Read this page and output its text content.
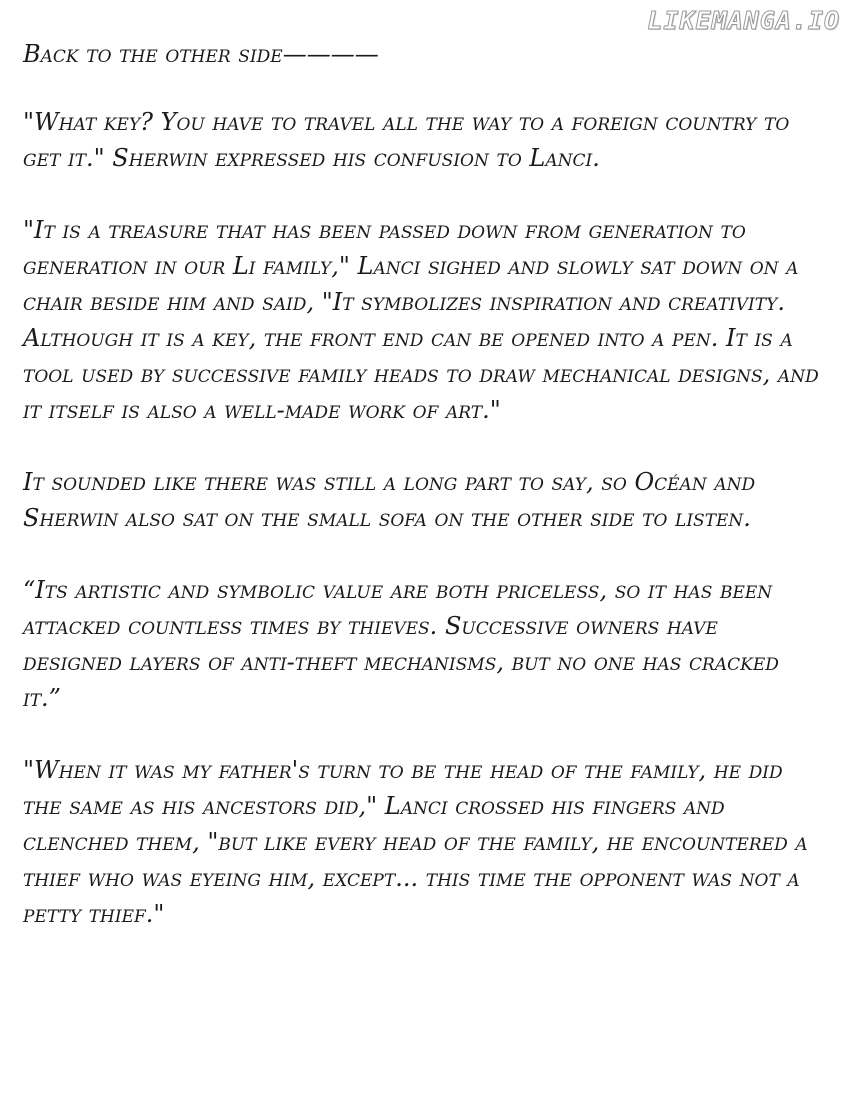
LIKEMANGA.IO

Back to the other side————

"What key? You have to travel all the way to a foreign country to get it." Sherwin expressed his confusion to Lanci.

"It is a treasure that has been passed down from generation to generation in our Li family," Lanci sighed and slowly sat down on a chair beside him and said, "It symbolizes inspiration and creativity. Although it is a key, the front end can be opened into a pen. It is a tool used by successive family heads to draw mechanical designs, and it itself is also a well-made work of art."

It sounded like there was still a long part to say, so Océan and Sherwin also sat on the small sofa on the other side to listen.

“Its artistic and symbolic value are both priceless, so it has been attacked countless times by thieves. Successive owners have designed layers of anti-theft mechanisms, but no one has cracked it.”

"When it was my father's turn to be the head of the family, he did the same as his ancestors did," Lanci crossed his fingers and clenched them, "but like every head of the family, he encountered a thief who was eyeing him, except... this time the opponent was not a petty thief."
